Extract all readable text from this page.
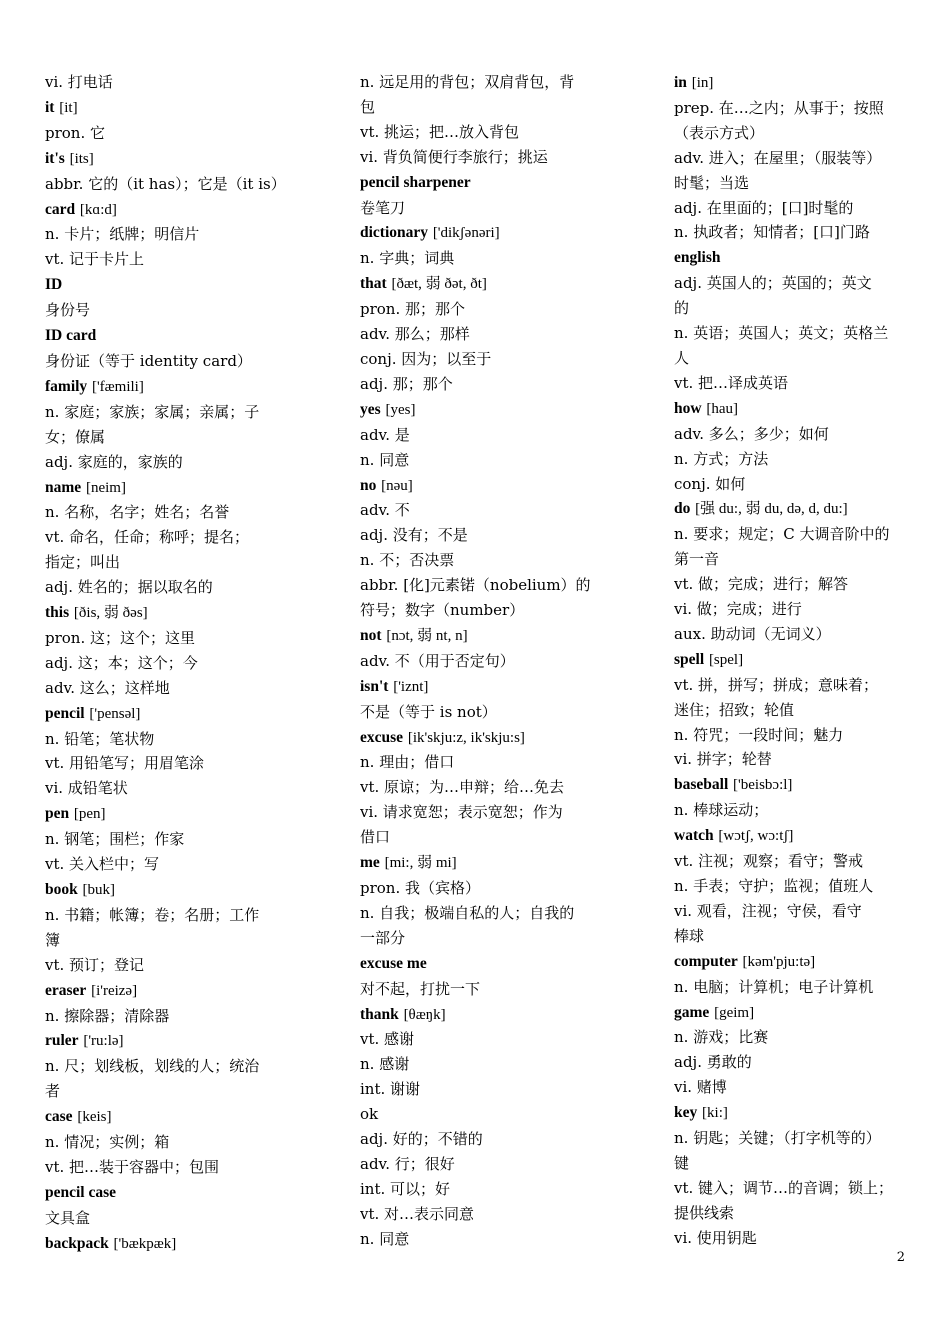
vi. 打电话
it [it]
pron. 它
it's [its]
abbr. 它的（it has）；它是（it is）
card [kɑ:d]
n. 卡片；纸牌；明信片
vt. 记于卡片上
ID
身份号
ID card
身份证（等于 identity card）
family ['fæmili]
n. 家庭；家族；家属；亲属；子
女；僚属
adj. 家庭的，家族的
name [neim]
n. 名称，名字；姓名；名誉
vt. 命名，任命；称呼；提名；
指定；叫出
adj. 姓名的；据以取名的
this [ðis, 弱 ðəs]
pron. 这；这个；这里
adj. 这；本；这个；今
adv. 这么；这样地
pencil ['pensəl]
n. 铅笔；笔状物
vt. 用铅笔写；用眉笔涂
vi. 成铅笔状
pen [pen]
n. 钢笔；围栏；作家
vt. 关入栏中；写
book [buk]
n. 书籍；帐簿；卷；名册；工作
簿
vt. 预订；登记
eraser [i'reizə]
n. 擦除器；清除器
ruler ['ru:lə]
n. 尺；划线板，划线的人；统治
者
case [keis]
n. 情况；实例；箱
vt. 把…装于容器中；包围
pencil case
文具盒
backpack ['bækpæk]
n. 远足用的背包；双肩背包，背
包
vt. 挑运；把…放入背包
vi. 背负简便行李旅行；挑运
pencil sharpener
卷笔刀
dictionary ['dikʃənəri]
n. 字典；词典
that [ðæt, 弱 ðət, ðt]
pron. 那；那个
adv. 那么；那样
conj. 因为；以至于
adj. 那；那个
yes [yes]
adv. 是
n. 同意
no [nəu]
adv. 不
adj. 没有；不是
n. 不；否决票
abbr. [化]元素锘（nobelium）的
符号；数字（number）
not [nɔt, 弱 nt, n]
adv. 不（用于否定句）
isn't ['iznt]
不是（等于 is not）
excuse [ik'skju:z, ik'skju:s]
n. 理由；借口
vt. 原谅；为…申辩；给…免去
vi. 请求宽恕；表示宽恕；作为
借口
me [mi:, 弱 mi]
pron. 我（宾格）
n. 自我；极端自私的人；自我的
一部分
excuse me
对不起，打扰一下
thank [θæŋk]
vt. 感谢
n. 感谢
int. 谢谢
ok
adj. 好的；不错的
adv. 行；很好
int. 可以；好
vt. 对…表示同意
n. 同意
in [in]
prep. 在…之内；从事于；按照
（表示方式）
adv. 进入；在屋里；（服装等）
时髦；当选
adj. 在里面的；[口]时髦的
n. 执政者；知情者；[口]门路
english
adj. 英国人的；英国的；英文
的
n. 英语；英国人；英文；英格兰
人
vt. 把…译成英语
how [hau]
adv. 多么；多少；如何
n. 方式；方法
conj. 如何
do [强 du:, 弱 du, də, d, du:]
n. 要求；规定；C 大调音阶中的
第一音
vt. 做；完成；进行；解答
vi. 做；完成；进行
aux. 助动词（无词义）
spell [spel]
vt. 拼，拼写；拼成；意味着；
迷住；招致；轮值
n. 符咒；一段时间；魅力
vi. 拼字；轮替
baseball ['beisbɔ:l]
n. 棒球运动；
watch [wɔtʃ, wɔ:tʃ]
vt. 注视；观察；看守；警戒
n. 手表；守护；监视；值班人
vi. 观看，注视；守侯，看守
棒球
computer [kəm'pju:tə]
n. 电脑；计算机；电子计算机
game [geim]
n. 游戏；比赛
adj. 勇敢的
vi. 赌博
key [ki:]
n. 钥匙；关键；（打字机等的）
键
vt. 键入；调节…的音调；锁上；
提供线索
vi. 使用钥匙
2
